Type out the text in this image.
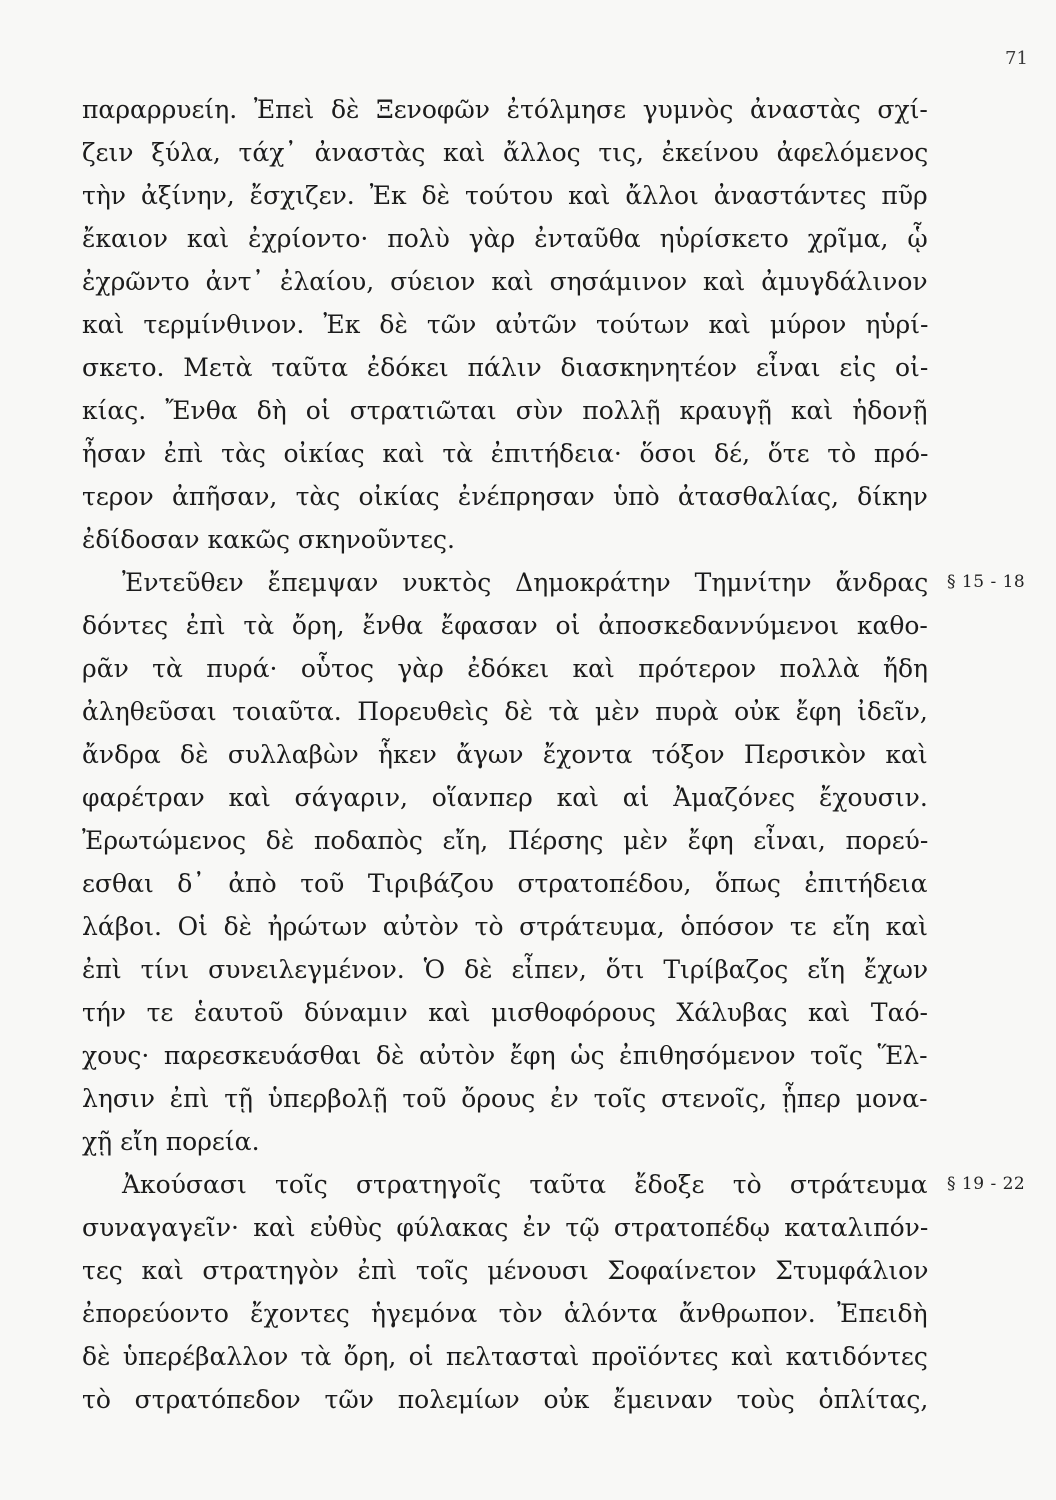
71
παραρρυείη. Ἐπεὶ δὲ Ξενοφῶν ἐτόλμησε γυμνὸς ἀναστὰς σχί-
ζειν ξύλα, τάχ᾽ ἀναστὰς καὶ ἄλλος τις, ἐκείνου ἀφελόμενος
τὴν ἀξίνην, ἔσχιζεν. Ἐκ δὲ τούτου καὶ ἄλλοι ἀναστάντες πῦρ
ἔκαιον καὶ ἐχρίοντο· πολὺ γὰρ ἐνταῦθα ηὑρίσκετο χρῖμα, ᾧ
ἐχρῶντο ἀντ᾽ ἐλαίου, σύειον καὶ σησάμινον καὶ ἀμυγδάλινον
καὶ τερμίνθινον. Ἐκ δὲ τῶν αὐτῶν τούτων καὶ μύρον ηὑρί-
σκετο. Μετὰ ταῦτα ἐδόκει πάλιν διασκηνητέον εἶναι εἰς οἰ-
κίας. Ἔνθα δὴ οἱ στρατιῶται σὺν πολλῇ κραυγῇ καὶ ἡδονῇ
ἦσαν ἐπὶ τὰς οἰκίας καὶ τὰ ἐπιτήδεια· ὅσοι δέ, ὅτε τὸ πρό-
τερον ἀπῆσαν, τὰς οἰκίας ἐνέπρησαν ὑπὸ ἀτασθαλίας, δίκην
ἐδίδοσαν κακῶς σκηνοῦντες.
Ἐντεῦθεν ἔπεμψαν νυκτὸς Δημοκράτην Τημνίτην ἄνδρας § 15 - 18
δόντες ἐπὶ τὰ ὄρη, ἔνθα ἔφασαν οἱ ἀποσκεδαννύμενοι καθο-
ρᾶν τὰ πυρά· οὗτος γὰρ ἐδόκει καὶ πρότερον πολλὰ ἤδη
ἀληθεῦσαι τοιαῦτα. Πορευθεὶς δὲ τὰ μὲν πυρὰ οὐκ ἔφη ἰδεῖν,
ἄνδρα δὲ συλλαβὼν ἧκεν ἄγων ἔχοντα τόξον Περσικὸν καὶ
φαρέτραν καὶ σάγαριν, οἵανπερ καὶ αἱ Ἀμαζόνες ἔχουσιν.
Ἐρωτώμενος δὲ ποδαπὸς εἴη, Πέρσης μὲν ἔφη εἶναι, πορεύ-
εσθαι δ᾽ ἀπὸ τοῦ Τιριβάζου στρατοπέδου, ὅπως ἐπιτήδεια
λάβοι. Οἱ δὲ ἠρώτων αὐτὸν τὸ στράτευμα, ὁπόσον τε εἴη καὶ
ἐπὶ τίνι συνειλεγμένον. Ὁ δὲ εἶπεν, ὅτι Τιρίβαζος εἴη ἔχων
τήν τε ἑαυτοῦ δύναμιν καὶ μισθοφόρους Χάλυβας καὶ Ταό-
χους· παρεσκευάσθαι δὲ αὐτὸν ἔφη ὡς ἐπιθησόμενον τοῖς Ἕλ-
λησιν ἐπὶ τῇ ὑπερβολῇ τοῦ ὄρους ἐν τοῖς στενοῖς, ᾗπερ μονα-
χῇ εἴη πορεία.
Ἀκούσασι τοῖς στρατηγοῖς ταῦτα ἔδοξε τὸ στράτευμα § 19 - 22
συναγαγεῖν· καὶ εὐθὺς φύλακας ἐν τῷ στρατοπέδῳ καταλιπόν-
τες καὶ στρατηγὸν ἐπὶ τοῖς μένουσι Σοφαίνετον Στυμφάλιον
ἐπορεύοντο ἔχοντες ἡγεμόνα τὸν ἁλόντα ἄνθρωπον. Ἐπειδὴ
δὲ ὑπερέβαλλον τὰ ὄρη, οἱ πελτασταὶ προϊόντες καὶ κατιδόντες
τὸ στρατόπεδον τῶν πολεμίων οὐκ ἔμειναν τοὺς ὁπλίτας,
